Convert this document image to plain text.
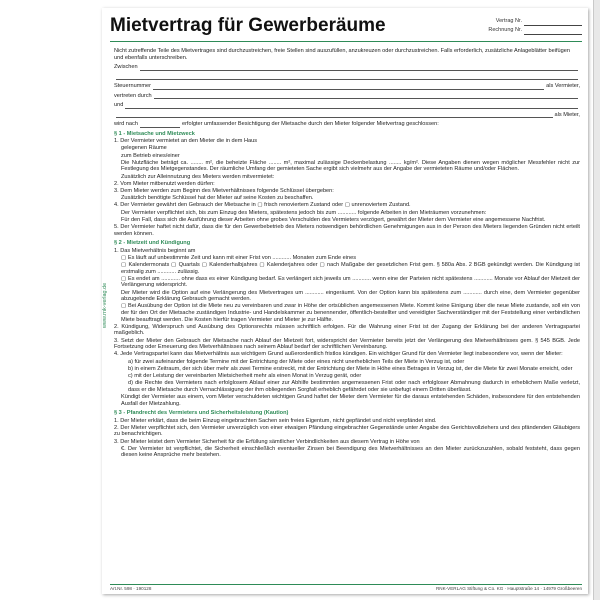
Mietvertrag für Gewerberäume	Vertrag Nr.
Rechnung Nr.
www.rnk-verlag.de
Nicht zutreffende Teile des Mietvertrages sind durchzustreichen, freie Stellen sind auszufüllen, anzukreuzen oder durchzustreichen. Falls erforderlich, zusätzliche Anlageblätter beifügen und ebenfalls unterschreiben.
Zwischen
Steuernummer	als Vermieter,
vertreten durch
und
als Mieter,
wird nach	erfolgter umfassender Besichtigung der Mietsache durch den Mieter folgender Mietvertrag geschlossen:
§ 1 - Mietsache und Mietzweck
1. Der Vermieter vermietet an den Mieter die in dem Haus
gelegenen Räume
zum Betrieb eines/einer
Die Nutzfläche beträgt ca. ........ m², die beheizte Fläche ........ m², maximal zulässige Deckenbelastung ........ kg/m². Diese Angaben dienen wegen möglicher Messfehler nicht zur Festlegung des Mietgegenstandes. Der räumliche Umfang der gemieteten Sache ergibt sich vielmehr aus der Angabe der vermieteten Räume und/oder Flächen.
Zusätzlich zur Alleinnutzung des Mieters werden mitvermietet:
2. Vom Mieter mitbenutzt werden dürfen:
3. Dem Mieter werden zum Beginn des Mietverhältnisses folgende Schlüssel übergeben:
Zusätzlich benötigte Schlüssel hat der Mieter auf seine Kosten zu beschaffen.
4. Der Vermieter gewährt den Gebrauch der Mietsache in ▢ frisch renoviertem Zustand oder ▢ unrenoviertem Zustand.
Der Vermieter verpflichtet sich, bis zum Einzug des Mieters, spätestens jedoch bis zum ............ folgende Arbeiten in den Mieträumen vorzunehmen:
Für den Fall, dass sich die Ausführung dieser Arbeiten ohne grobes Verschulden des Vermieters verzögert, gewährt der Mieter dem Vermieter eine angemessene Nachfrist.
5. Der Vermieter haftet nicht dafür, dass die für den Gewerbebetrieb des Mieters notwendigen behördlichen Genehmigungen aus in der Person des Mieters liegenden Gründen nicht erteilt werden können.
§ 2 - Mietzeit und Kündigung
1. Das Mietverhältnis beginnt am
▢ Es läuft auf unbestimmte Zeit und kann mit einer Frist von ............ Monaten zum Ende eines
▢ Kalendermonats ▢ Quartals ▢ Kalenderhalbjahres ▢ Kalenderjahres oder ▢ nach Maßgabe der gesetzlichen Frist gem. § 580a Abs. 2 BGB gekündigt werden. Die Kündigung ist erstmalig zum ............ zulässig.
▢ Es endet am ............ ohne dass es einer Kündigung bedarf. Es verlängert sich jeweils um ............ wenn eine der Parteien nicht spätestens ............ Monate vor Ablauf der Mietzeit der Verlängerung widerspricht.
Der Mieter wird die Option auf eine Verlängerung des Mietvertrages um ............ eingeräumt. Von der Option kann bis spätestens zum ............ durch eine, dem Vermieter gegenüber abzugebende Erklärung Gebrauch gemacht werden.
▢ Bei Ausübung der Option ist die Miete neu zu vereinbaren und zwar in Höhe der ortsüblichen angemessenen Miete. Kommt keine Einigung über die neue Miete zustande, soll ein von der für den Ort der Mietsache zuständigen Industrie- und Handelskammer zu benennender, öffentlich-bestellter und vereidigter Sachverständiger mit der Feststellung einer verbindlichen Miete beauftragt werden. Die Kosten hierfür tragen Vermieter und Mieter je zur Hälfte.
2. Kündigung, Widerspruch und Ausübung des Optionsrechts müssen schriftlich erfolgen. Für die Wahrung einer Frist ist der Zugang der Erklärung bei der anderen Vertragspartei maßgeblich.
3. Setzt der Mieter den Gebrauch der Mietsache nach Ablauf der Mietzeit fort, widerspricht der Vermieter bereits jetzt der Verlängerung des Mietverhältnisses gem. § 545 BGB. Jede Fortsetzung oder Erneuerung des Mietverhältnisses nach seinem Ablauf bedarf der schriftlichen Vereinbarung.
4. Jede Vertragspartei kann das Mietverhältnis aus wichtigem Grund außerordentlich fristlos kündigen. Ein wichtiger Grund für den Vermieter liegt insbesondere vor, wenn der Mieter:
a) für zwei aufeinander folgende Termine mit der Entrichtung der Miete oder eines nicht unerheblichen Teils der Miete in Verzug ist, oder
b) in einem Zeitraum, der sich über mehr als zwei Termine erstreckt, mit der Entrichtung der Miete in Höhe eines Betrages in Verzug ist, der die Miete für zwei Monate erreicht, oder
c) mit der Leistung der vereinbarten Mietsicherheit mehr als einen Monat in Verzug gerät, oder
d) die Rechte des Vermieters nach erfolglosem Ablauf einer zur Abhilfe bestimmten angemessenen Frist oder nach erfolgloser Abmahnung dadurch in erheblichem Maße verletzt, dass er die Mietsache durch Vernachlässigung der ihm obliegenden Sorgfalt erheblich gefährdet oder sie unbefugt einem Dritten überlässt.
Kündigt der Vermieter aus einem, vom Mieter verschuldeten wichtigen Grund haftet der Mieter dem Vermieter für die daraus entstehenden Schäden, insbesondere für den entstehenden Ausfall der Mietzahlung.
§ 3 - Pfandrecht des Vermieters und Sicherheitsleistung (Kaution)
1. Der Mieter erklärt, dass die beim Einzug eingebrachten Sachen sein freies Eigentum, nicht gepfändet und nicht verpfändet sind.
2. Der Mieter verpflichtet sich, den Vermieter unverzüglich von einer etwaigen Pfändung eingebrachter Gegenstände unter Angabe des Gerichtsvollziehers und des pfändenden Gläubigers zu benachrichtigen.
3. Der Mieter leistet dem Vermieter Sicherheit für die Erfüllung sämtlicher Verbindlichkeiten aus diesem Vertrag in Höhe von
€. Der Vermieter ist verpflichtet, die Sicherheit einschließlich eventueller Zinsen bei Beendigung des Mietverhältnisses an den Mieter zurückzuzahlen, sobald feststeht, dass gegen diesen keine Ansprüche mehr bestehen.
Art.Nr. 598 · 190128	RNK-VERLAG Stiftung & Co. KG · Hauptstraße 14 · 14979 Großbeeren
